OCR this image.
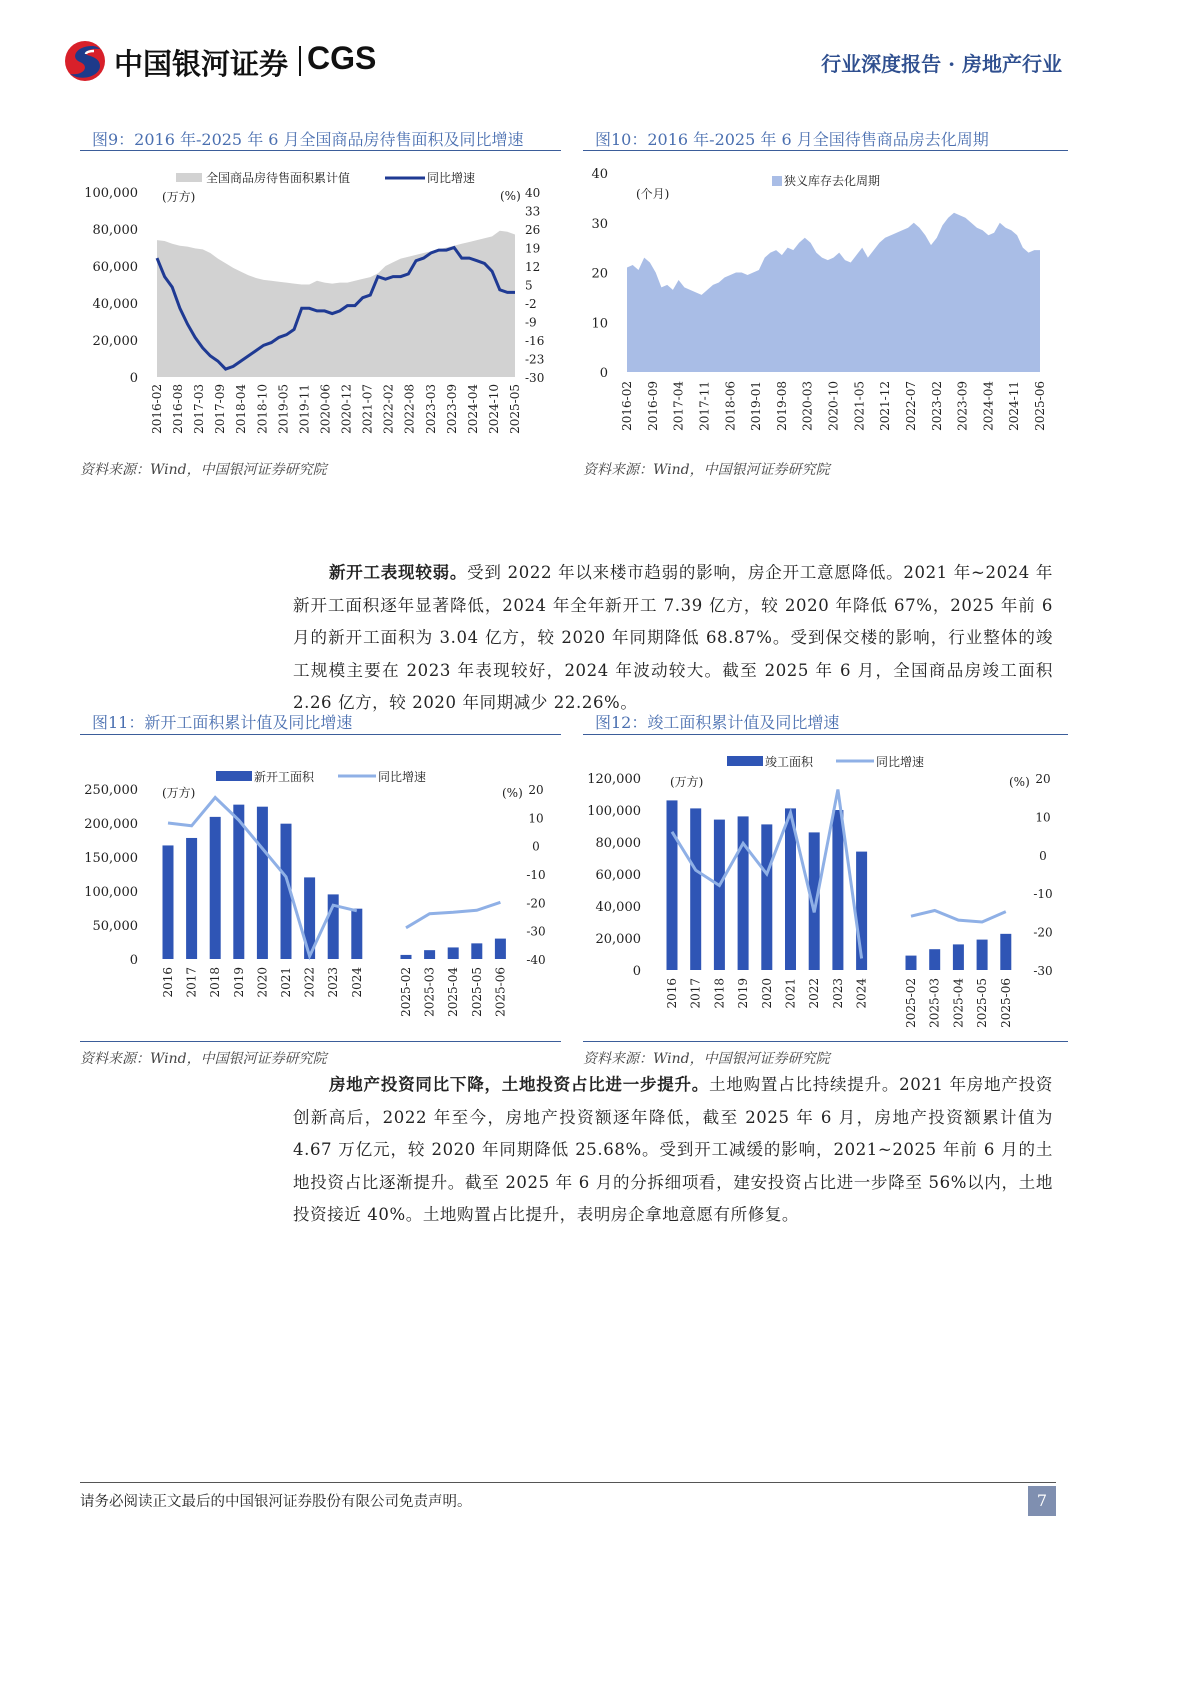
中国银河证券 CGS	行业深度报告 · 房地产行业
图9：2016 年-2025 年 6 月全国商品房待售面积及同比增速
100,000
80,000
60,000
40,000
20,000
0
40
33
26
19
12
5
-2
-9
-16
-23
-30
(万方)	(%)
2016-02 2016-08 2017-03 2017-09 2018-04 2018-10 2019-05 2019-11 2020-06 2020-12 2021-07 2022-02 2022-08 2023-03 2023-09 2024-04 2024-10 2025-05
全国商品房待售面积累计值	同比增速
资料来源：Wind，中国银河证券研究院
图10：2016 年-2025 年 6 月全国待售商品房去化周期
40
30
20
10
0
(个月)
2016-02 2016-09 2017-04 2017-11 2018-06 2019-01 2019-08 2020-03 2020-10 2021-05 2021-12 2022-07 2023-02 2023-09 2024-04 2024-11 2025-06
狭义库存去化周期
资料来源：Wind，中国银河证券研究院
新开工表现较弱。受到 2022 年以来楼市趋弱的影响，房企开工意愿降低。2021 年~2024 年新开工面积逐年显著降低，2024 年全年新开工 7.39 亿方，较 2020 年降低 67%，2025 年前 6 月的新开工面积为 3.04 亿方，较 2020 年同期降低 68.87%。受到保交楼的影响，行业整体的竣工规模主要在 2023 年表现较好，2024 年波动较大。截至 2025 年 6 月，全国商品房竣工面积 2.26 亿方，较 2020 年同期减少 22.26%。
图11：新开工面积累计值及同比增速
2016 2017 2018 2019 2020 2021 2022 2023 2024	2025-02 2025-03 2025-04 2025-05 2025-06
250,000
200,000
150,000
100,000
50,000
0
20
10
0
-10
-20
-30
-40
(万方)	(%)
新开工面积	同比增速
资料来源：Wind，中国银河证券研究院
图12：竣工面积累计值及同比增速
2016 2017 2018 2019 2020 2021 2022 2023 2024	2025-02 2025-03 2025-04 2025-05 2025-06
120,000
100,000
80,000
60,000
40,000
20,000
0
20
10
0
-10
-20
-30
(万方)	(%)
竣工面积	同比增速
资料来源：Wind，中国银河证券研究院
房地产投资同比下降，土地投资占比进一步提升。土地购置占比持续提升。2021 年房地产投资创新高后，2022 年至今，房地产投资额逐年降低，截至 2025 年 6 月，房地产投资额累计值为 4.67 万亿元，较 2020 年同期降低 25.68%。受到开工减缓的影响，2021~2025 年前 6 月的土地投资占比逐渐提升。截至 2025 年 6 月的分拆细项看，建安投资占比进一步降至 56%以内，土地投资接近 40%。土地购置占比提升，表明房企拿地意愿有所修复。
请务必阅读正文最后的中国银河证券股份有限公司免责声明。	7
